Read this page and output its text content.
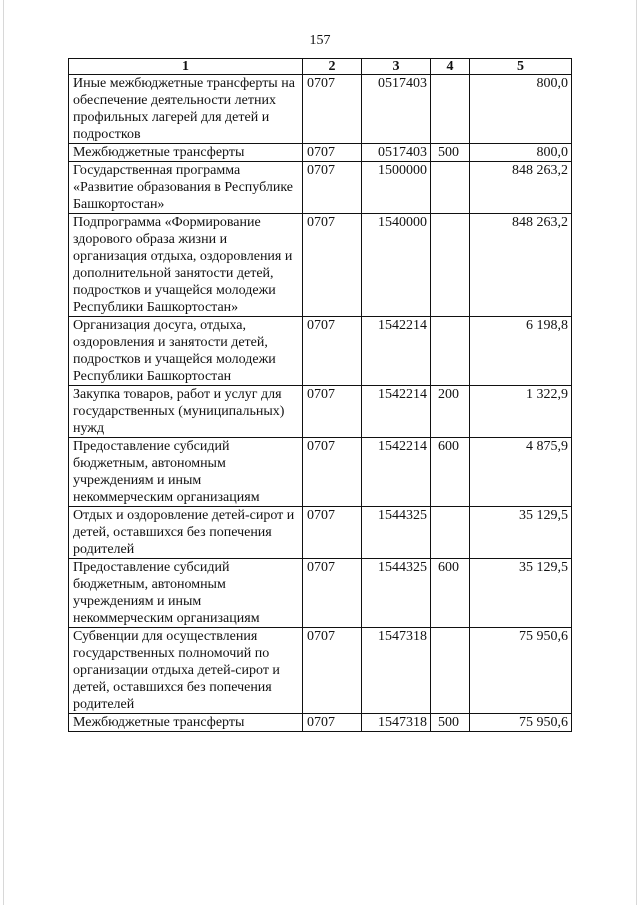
157
1	2	3	4	5
Иные межбюджетные трансферты на обеспечение деятельности летних профильных лагерей для детей и подростков	0707	0517403		800,0
Межбюджетные трансферты	0707	0517403	500	800,0
Государственная программа «Развитие образования в Республике Башкортостан»	0707	1500000		848 263,2
Подпрограмма «Формирование здорового образа жизни и организация отдыха, оздоровления и дополнительной занятости детей, подростков и учащейся молодежи Республики Башкортостан»	0707	1540000		848 263,2
Организация досуга, отдыха, оздоровления и занятости детей, подростков и учащейся молодежи Республики Башкортостан	0707	1542214		6 198,8
Закупка товаров, работ и услуг для государственных (муниципальных) нужд	0707	1542214	200	1 322,9
Предоставление субсидий бюджетным, автономным учреждениям и иным некоммерческим организациям	0707	1542214	600	4 875,9
Отдых и оздоровление детей-сирот и детей, оставшихся без попечения родителей	0707	1544325		35 129,5
Предоставление субсидий бюджетным, автономным учреждениям и иным некоммерческим организациям	0707	1544325	600	35 129,5
Субвенции для осуществления государственных полномочий по организации отдыха детей-сирот и детей, оставшихся без попечения родителей	0707	1547318		75 950,6
Межбюджетные трансферты	0707	1547318	500	75 950,6
